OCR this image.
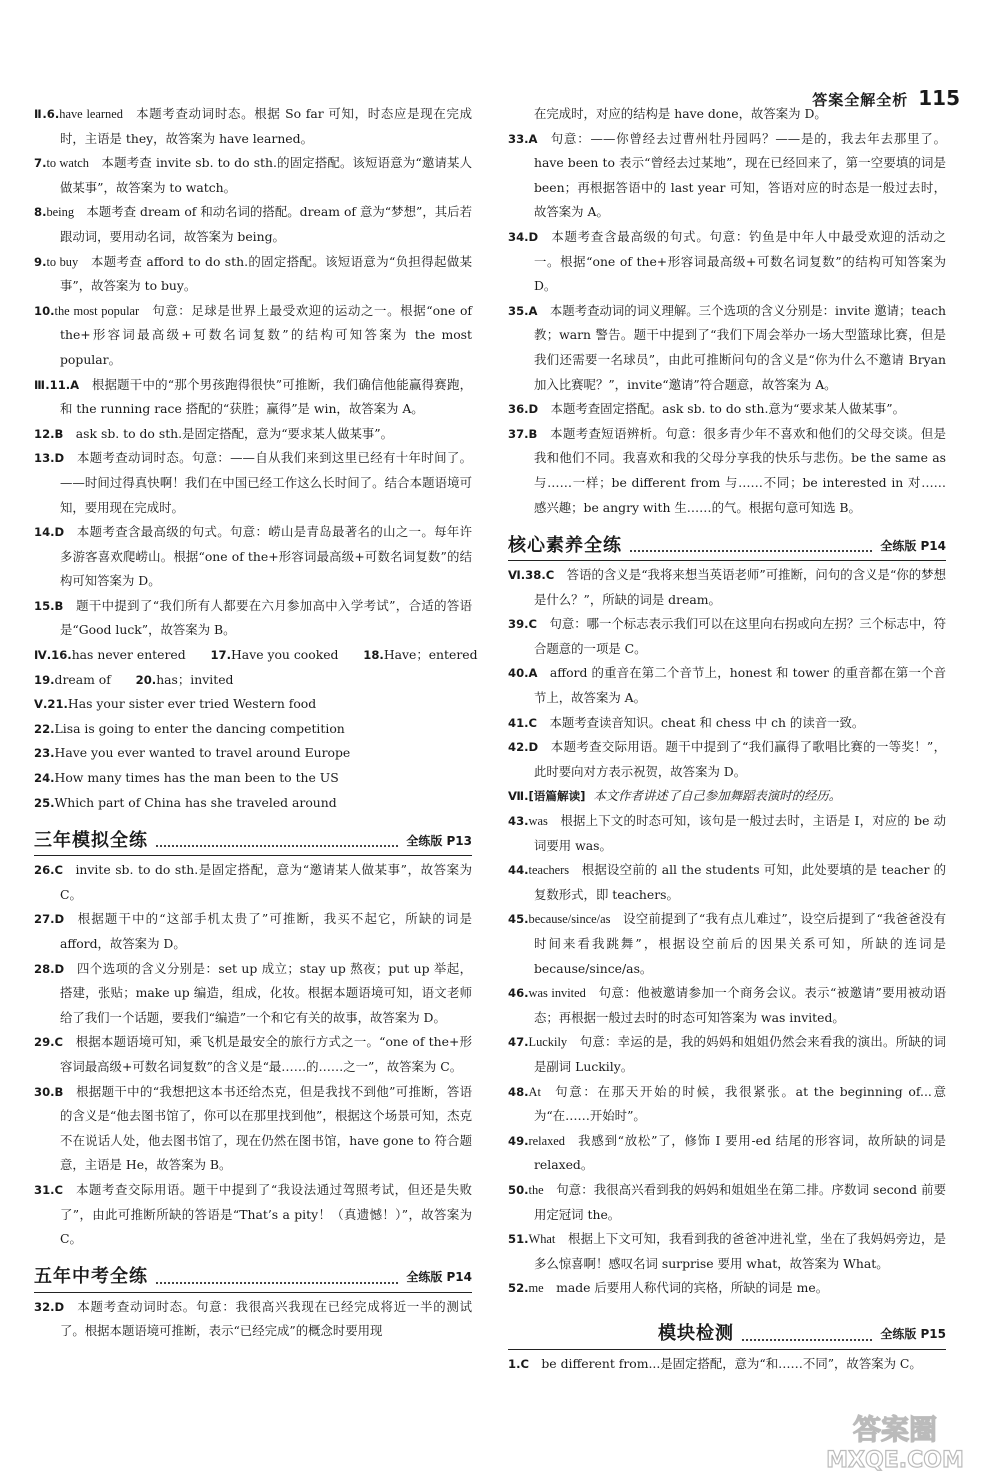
答案全解全析 115

Ⅱ.6.have learned  本题考查动词时态。根据 So far 可知，时态应是现在完成时，主语是 they，故答案为 have learned。

7.to watch  本题考查 invite sb. to do sth.的固定搭配。该短语意为“邀请某人做某事”，故答案为 to watch。

8.being  本题考查 dream of 和动名词的搭配。dream of 意为“梦想”，其后若跟动词，要用动名词，故答案为 being。

9.to buy  本题考查 afford to do sth.的固定搭配。该短语意为“负担得起做某事”，故答案为 to buy。

10.the most popular  句意：足球是世界上最受欢迎的运动之一。根据“one of the+形容词最高级+可数名词复数”的结构可知答案为 the most popular。

Ⅲ.11.A  根据题干中的“那个男孩跑得很快”可推断，我们确信他能赢得赛跑，和 the running race 搭配的“获胜；赢得”是 win，故答案为 A。

12.B  ask sb. to do sth.是固定搭配，意为“要求某人做某事”。

13.D  本题考查动词时态。句意：——自从我们来到这里已经有十年时间了。——时间过得真快啊！我们在中国已经工作这么长时间了。结合本题语境可知，要用现在完成时。

14.D  本题考查含最高级的句式。句意：崂山是青岛最著名的山之一。每年许多游客喜欢爬崂山。根据“one of the+形容词最高级+可数名词复数”的结构可知答案为 D。

15.B  题干中提到了“我们所有人都要在六月参加高中入学考试”，合适的答语是“Good luck”，故答案为 B。

Ⅳ.16.has never entered   17.Have you cooked   18.Have；entered

19.dream of   20.has；invited

Ⅴ.21.Has your sister ever tried Western food

22.Lisa is going to enter the dancing competition

23.Have you ever wanted to travel around Europe

24.How many times has the man been to the US

25.Which part of China has she traveled around

三年模拟全练	全练版 P13

26.C  invite sb. to do sth.是固定搭配，意为“邀请某人做某事”，故答案为 C。

27.D  根据题干中的“这部手机太贵了”可推断，我买不起它，所缺的词是 afford，故答案为 D。

28.D  四个选项的含义分别是：set up 成立；stay up 熬夜；put up 举起，搭建，张贴；make up 编造，组成，化妆。根据本题语境可知，语文老师给了我们一个话题，要我们“编造”一个和它有关的故事，故答案为 D。

29.C  根据本题语境可知，乘飞机是最安全的旅行方式之一。“one of the+形容词最高级+可数名词复数”的含义是“最……的……之一”，故答案为 C。

30.B  根据题干中的“我想把这本书还给杰克，但是我找不到他”可推断，答语的含义是“他去图书馆了，你可以在那里找到他”，根据这个场景可知，杰克不在说话人处，他去图书馆了，现在仍然在图书馆，have gone to 符合题意，主语是 He，故答案为 B。

31.C  本题考查交际用语。题干中提到了“我设法通过驾照考试，但还是失败了”，由此可推断所缺的答语是“That’s a pity！（真遗憾！）”，故答案为 C。

五年中考全练	全练版 P14

32.D  本题考查动词时态。句意：我很高兴我现在已经完成将近一半的测试了。根据本题语境可推断，表示“已经完成”的概念时要用现

在完成时，对应的结构是 have done，故答案为 D。

33.A  句意：——你曾经去过曹州牡丹园吗？——是的，我去年去那里了。have been to 表示“曾经去过某地”，现在已经回来了，第一空要填的词是 been；再根据答语中的 last year 可知，答语对应的时态是一般过去时，故答案为 A。

34.D  本题考查含最高级的句式。句意：钓鱼是中年人中最受欢迎的活动之一。根据“one of the+形容词最高级+可数名词复数”的结构可知答案为 D。

35.A  本题考查动词的词义理解。三个选项的含义分别是：invite 邀请；teach 教；warn 警告。题干中提到了“我们下周会举办一场大型篮球比赛，但是我们还需要一名球员”，由此可推断问句的含义是“你为什么不邀请 Bryan 加入比赛呢？”，invite“邀请”符合题意，故答案为 A。

36.D  本题考查固定搭配。ask sb. to do sth.意为“要求某人做某事”。

37.B  本题考查短语辨析。句意：很多青少年不喜欢和他们的父母交谈。但是我和他们不同。我喜欢和我的父母分享我的快乐与悲伤。be the same as 与……一样；be different from 与……不同；be interested in 对……感兴趣；be angry with 生……的气。根据句意可知选 B。

核心素养全练	全练版 P14

Ⅵ.38.C  答语的含义是“我将来想当英语老师”可推断，问句的含义是“你的梦想是什么？”，所缺的词是 dream。

39.C  句意：哪一个标志表示我们可以在这里向右拐或向左拐？三个标志中，符合题意的一项是 C。

40.A  afford 的重音在第二个音节上，honest 和 tower 的重音都在第一个音节上，故答案为 A。

41.C  本题考查读音知识。cheat 和 chess 中 ch 的读音一致。

42.D  本题考查交际用语。题干中提到了“我们赢得了歌唱比赛的一等奖！”，此时要向对方表示祝贺，故答案为 D。

Ⅶ.[语篇解读] 本文作者讲述了自己参加舞蹈表演时的经历。

43.was  根据上下文的时态可知，该句是一般过去时，主语是 I，对应的 be 动词要用 was。

44.teachers  根据设空前的 all the students 可知，此处要填的是 teacher 的复数形式，即 teachers。

45.because/since/as  设空前提到了“我有点儿难过”，设空后提到了“我爸爸没有时间来看我跳舞”，根据设空前后的因果关系可知，所缺的连词是 because/since/as。

46.was invited  句意：他被邀请参加一个商务会议。表示“被邀请”要用被动语态；再根据一般过去时的时态可知答案为 was invited。

47.Luckily  句意：幸运的是，我的妈妈和姐姐仍然会来看我的演出。所缺的词是副词 Luckily。

48.At  句意：在那天开始的时候，我很紧张。at the beginning of...意为“在……开始时”。

49.relaxed  我感到“放松”了，修饰 I 要用-ed 结尾的形容词，故所缺的词是 relaxed。

50.the  句意：我很高兴看到我的妈妈和姐姐坐在第二排。序数词 second 前要用定冠词 the。

51.What  根据上下文可知，我看到我的爸爸冲进礼堂，坐在了我妈妈旁边，是多么惊喜啊！感叹名词 surprise 要用 what，故答案为 What。

52.me  made 后要用人称代词的宾格，所缺的词是 me。

模块检测	全练版 P15

1.C  be different from...是固定搭配，意为“和……不同”，故答案为 C。

答案圈
MXQE.COM
